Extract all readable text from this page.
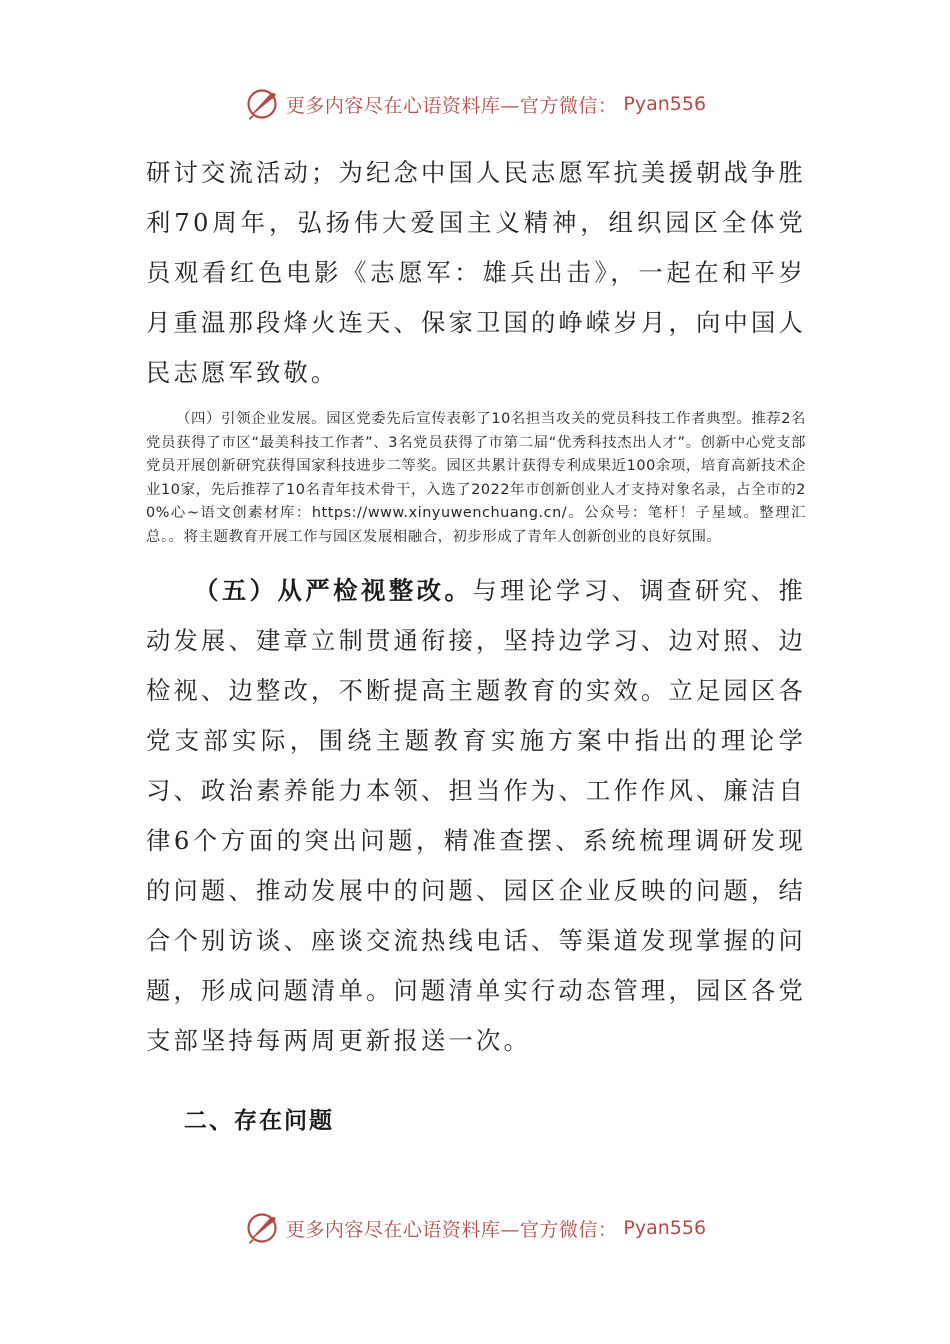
更多内容尽在心语资料库—官方微信： Pyan556

研讨交流活动；为纪念中国人民志愿军抗美援朝战争胜利70周年，弘扬伟大爱国主义精神，组织园区全体党员观看红色电影《志愿军：雄兵出击》，一起在和平岁月重温那段烽火连天、保家卫国的峥嵘岁月，向中国人民志愿军致敬。

（四）引领企业发展。园区党委先后宣传表彰了10名担当攻关的党员科技工作者典型。推荐2名党员获得了市区“最美科技工作者”、3名党员获得了市第二届“优秀科技杰出人才”。创新中心党支部党员开展创新研究获得国家科技进步二等奖。园区共累计获得专利成果近100余项，培育高新技术企业10家，先后推荐了10名青年技术骨干，入选了2022年市创新创业人才支持对象名录，占全市的20%心~语文创素材库：https://www.xinyuwenchuang.cn/。公众号：笔杆！子星域。整理汇总。。将主题教育开展工作与园区发展相融合，初步形成了青年人创新创业的良好氛围。

（五）从严检视整改。与理论学习、调查研究、推动发展、建章立制贯通衔接，坚持边学习、边对照、边检视、边整改，不断提高主题教育的实效。立足园区各党支部实际，围绕主题教育实施方案中指出的理论学习、政治素养能力本领、担当作为、工作作风、廉洁自律6个方面的突出问题，精准查摆、系统梳理调研发现的问题、推动发展中的问题、园区企业反映的问题，结合个别访谈、座谈交流热线电话、等渠道发现掌握的问题，形成问题清单。问题清单实行动态管理，园区各党支部坚持每两周更新报送一次。

二、存在问题
更多内容尽在心语资料库—官方微信： Pyan556
